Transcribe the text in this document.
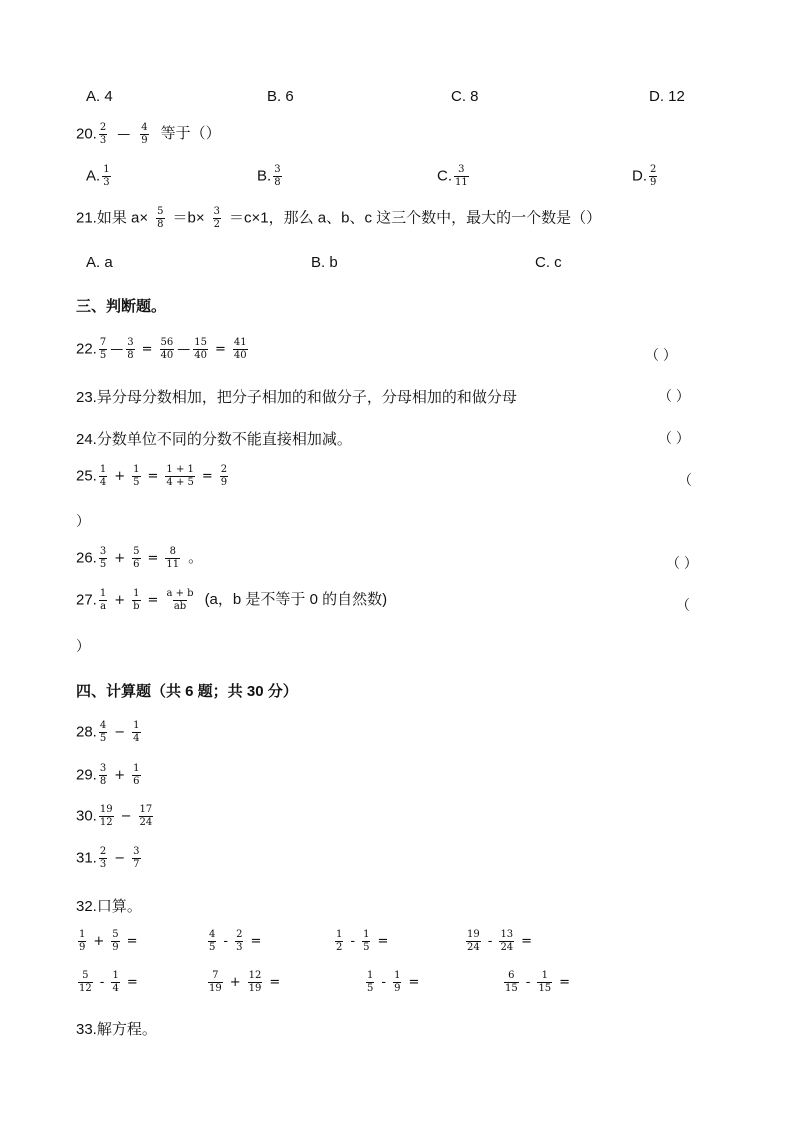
A. 4	B. 6	C. 8	D. 12
20. $\frac{2}{3}$ — $\frac{4}{9}$ 等于（）
A. $\frac{1}{3}$	B. $\frac{3}{8}$	C. $\frac{3}{11}$	D. $\frac{2}{9}$
21.如果 $a\times \frac{5}{8} =b\times \frac{3}{2} =c\times 1$，那么 a、b、c 这三个数中，最大的一个数是（）
A. a	B. b	C. c
三、判断题。
22. $\frac{7}{5}$ — $\frac{3}{8} = \frac{56}{40}$ — $\frac{15}{40} = \frac{41}{40}$	（ ）
23.异分母分数相加，把分子相加的和做分子，分母相加的和做分母	（ ）
24.分数单位不同的分数不能直接相加减。	（ ）
25. $\frac{1}{4} + \frac{1}{5} = \frac{1 + 1}{4 + 5} = \frac{2}{9}$	（
）
26. $\frac{3}{5} + \frac{5}{6} = \frac{8}{11}$ 。	（ ）
27. $\frac{1}{a} + \frac{1}{b} = \frac{a + b}{ab} (a$，b 是不等于 0 的自然数)	（
）
四、计算题（共 6 题；共 30 分）
28. $\frac{4}{5} - \frac{1}{4}$
29. $\frac{3}{8} + \frac{1}{6}$
30. $\frac{19}{12} - \frac{17}{24}$
31. $\frac{2}{3} - \frac{3}{7}$
32.口算。
$\frac{1}{9} + \frac{5}{9}$ =	$\frac{4}{5} - \frac{2}{3}$ =	$\frac{1}{2} - \frac{1}{5}$ =	$\frac{19}{24} - \frac{13}{24}$ =
$\frac{5}{12} - \frac{1}{4}$ =	$\frac{7}{19} + \frac{12}{19}$ =	$\frac{1}{5} - \frac{1}{9}$ =	$\frac{6}{15} - \frac{1}{15}$ =
33.解方程。
